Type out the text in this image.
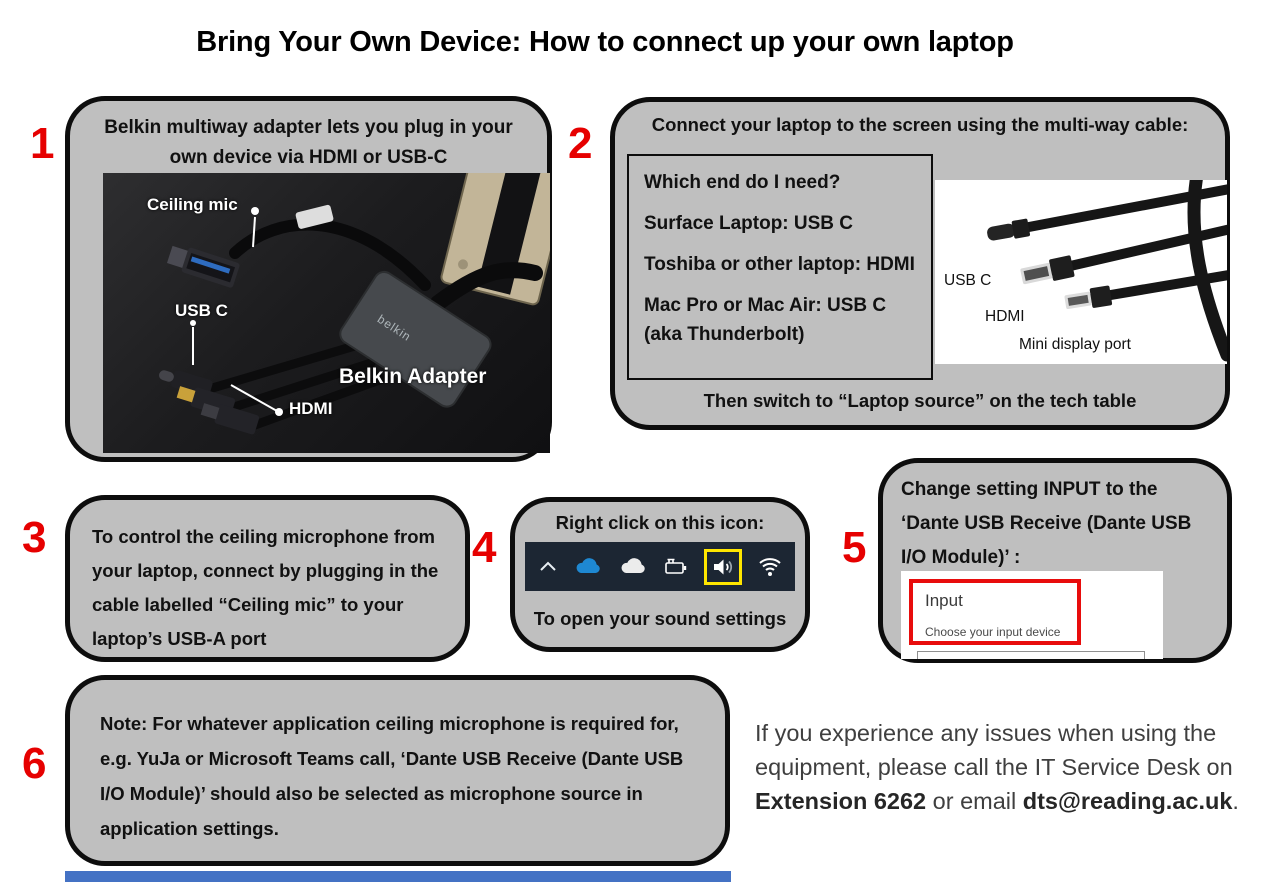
Bring Your Own Device: How to connect up your own laptop
1	2
3	4	5
6

Belkin multiway adapter lets you plug in your own device via HDMI or USB-C

belkin
Ceiling mic
USB C
HDMI
Belkin Adapter

Connect your laptop to the screen using the multi-way cable:

Which end do I need?

Surface Laptop: USB C

Toshiba or other laptop: HDMI

Mac Pro or Mac Air: USB C (aka Thunderbolt)

USB C
HDMI
Mini display port

Then switch to “Laptop source” on the tech table

To control the ceiling microphone from your laptop, connect by plugging in the cable labelled “Ceiling mic” to your laptop’s USB-A port

Right click on this icon:

To open your sound settings

Change setting INPUT to the ‘Dante USB Receive (Dante USB I/O Module)’ :

Input

Choose your input device

Note: For whatever application ceiling microphone is required for, e.g. YuJa or Microsoft Teams call, ‘Dante USB Receive (Dante USB I/O Module)’ should also be selected as microphone source in application settings.

If you experience any issues when using the equipment, please call the IT Service Desk on Extension 6262 or email dts@reading.ac.uk.
